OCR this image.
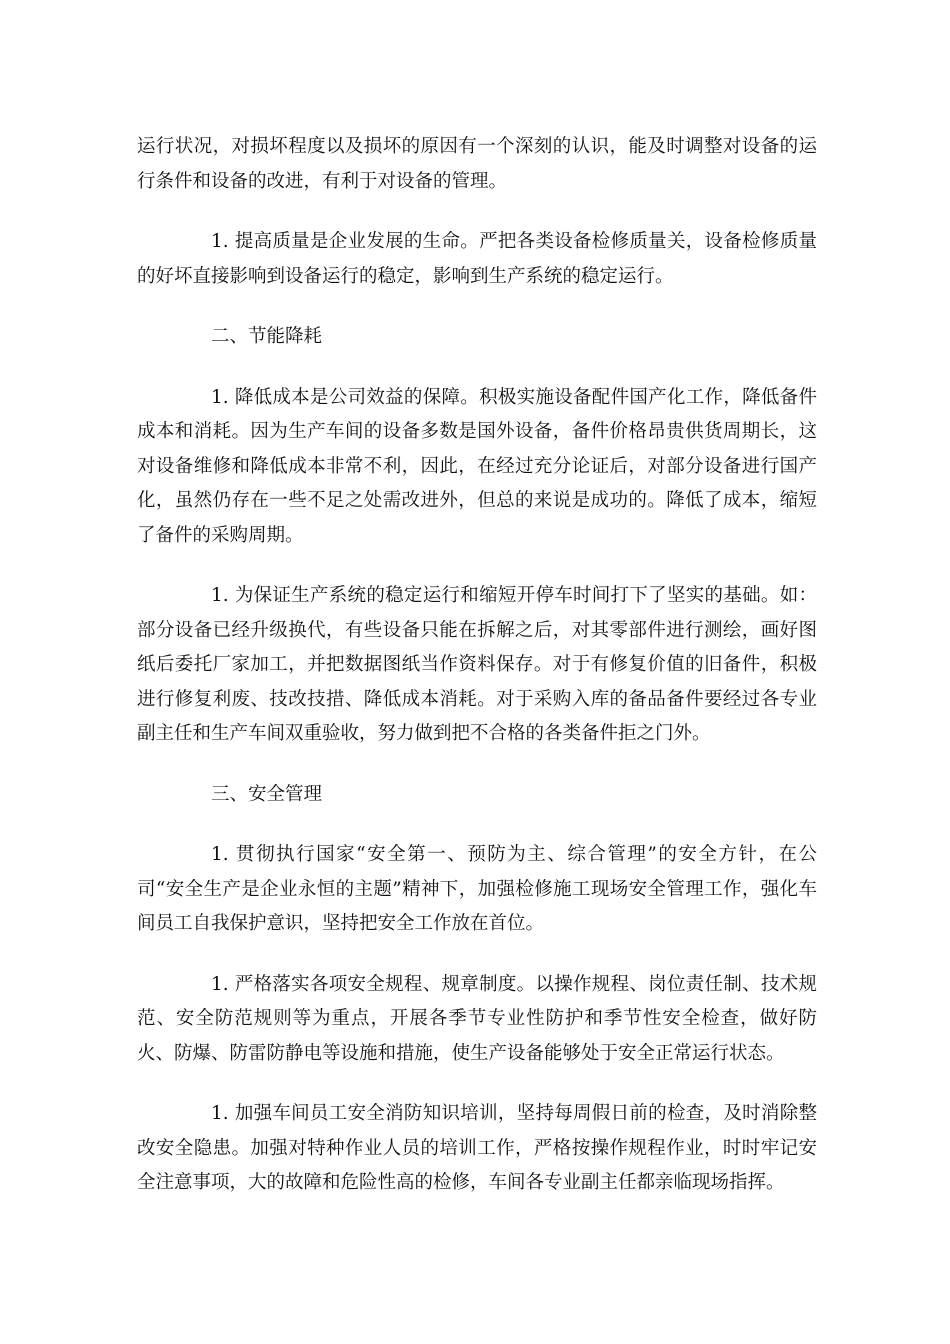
运行状况，对损坏程度以及损坏的原因有一个深刻的认识，能及时调整对设备的运行条件和设备的改进，有利于对设备的管理。

1. 提高质量是企业发展的生命。严把各类设备检修质量关，设备检修质量的好坏直接影响到设备运行的稳定，影响到生产系统的稳定运行。

二、节能降耗

1. 降低成本是公司效益的保障。积极实施设备配件国产化工作，降低备件成本和消耗。因为生产车间的设备多数是国外设备，备件价格昂贵供货周期长，这对设备维修和降低成本非常不利，因此，在经过充分论证后，对部分设备进行国产化，虽然仍存在一些不足之处需改进外，但总的来说是成功的。降低了成本，缩短了备件的采购周期。

1. 为保证生产系统的稳定运行和缩短开停车时间打下了坚实的基础。如：部分设备已经升级换代，有些设备只能在拆解之后，对其零部件进行测绘，画好图纸后委托厂家加工，并把数据图纸当作资料保存。对于有修复价值的旧备件，积极进行修复利废、技改技措、降低成本消耗。对于采购入库的备品备件要经过各专业副主任和生产车间双重验收，努力做到把不合格的各类备件拒之门外。

三、安全管理

1. 贯彻执行国家“安全第一、预防为主、综合管理”的安全方针，在公司“安全生产是企业永恒的主题”精神下，加强检修施工现场安全管理工作，强化车间员工自我保护意识，坚持把安全工作放在首位。

1. 严格落实各项安全规程、规章制度。以操作规程、岗位责任制、技术规范、安全防范规则等为重点，开展各季节专业性防护和季节性安全检查，做好防火、防爆、防雷防静电等设施和措施，使生产设备能够处于安全正常运行状态。

1. 加强车间员工安全消防知识培训，坚持每周假日前的检查，及时消除整改安全隐患。加强对特种作业人员的培训工作，严格按操作规程作业，时时牢记安全注意事项，大的故障和危险性高的检修，车间各专业副主任都亲临现场指挥。
